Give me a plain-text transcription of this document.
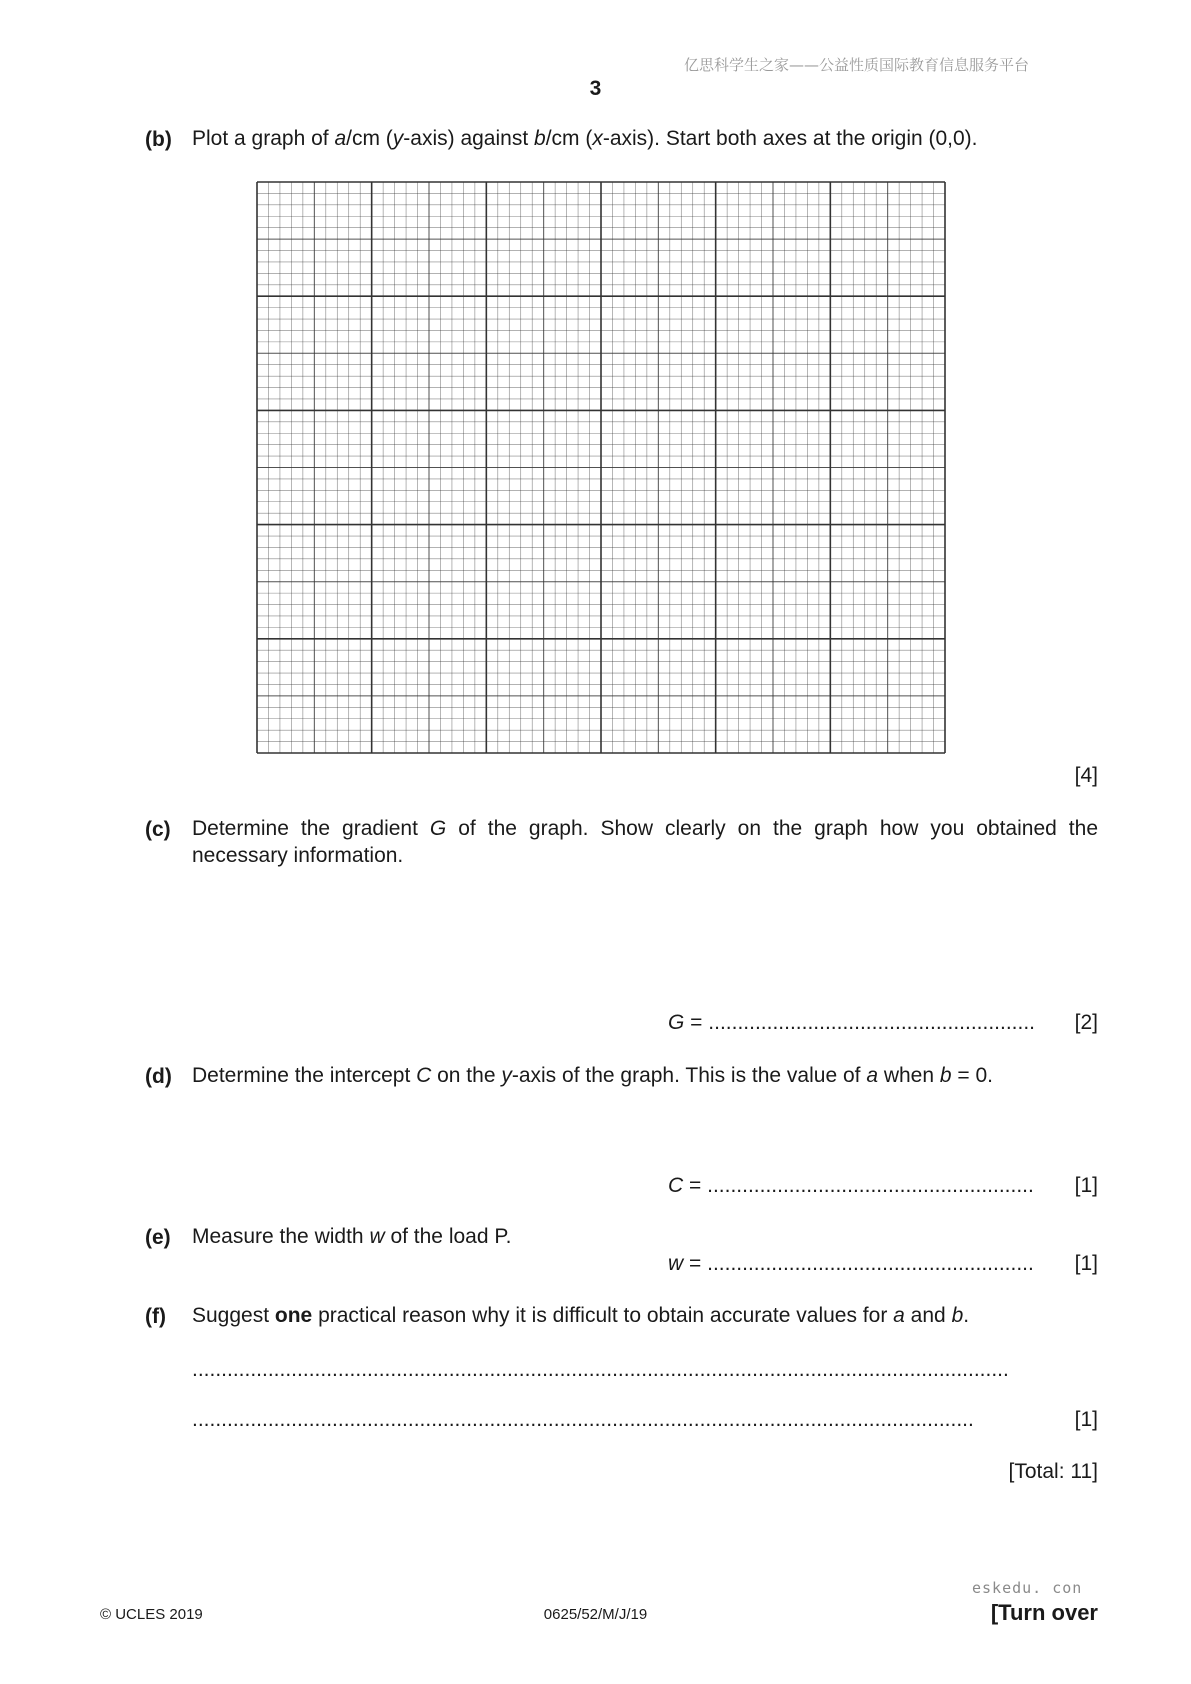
亿思科学生之家——公益性质国际教育信息服务平台
3
(b) Plot a graph of a/cm (y-axis) against b/cm (x-axis). Start both axes at the origin (0,0).
[4]
(c) Determine the gradient G of the graph. Show clearly on the graph how you obtained the necessary information.
G = ........................................................ [2]
(d) Determine the intercept C on the y-axis of the graph. This is the value of a when b = 0.
C = ........................................................ [1]
(e) Measure the width w of the load P.
w = ........................................................ [1]
(f) Suggest one practical reason why it is difficult to obtain accurate values for a and b.
............................................................................................................................................
......................................................................................................................................	[1]
[Total: 11]
eskedu. con
© UCLES 2019	0625/52/M/J/19	[Turn over
